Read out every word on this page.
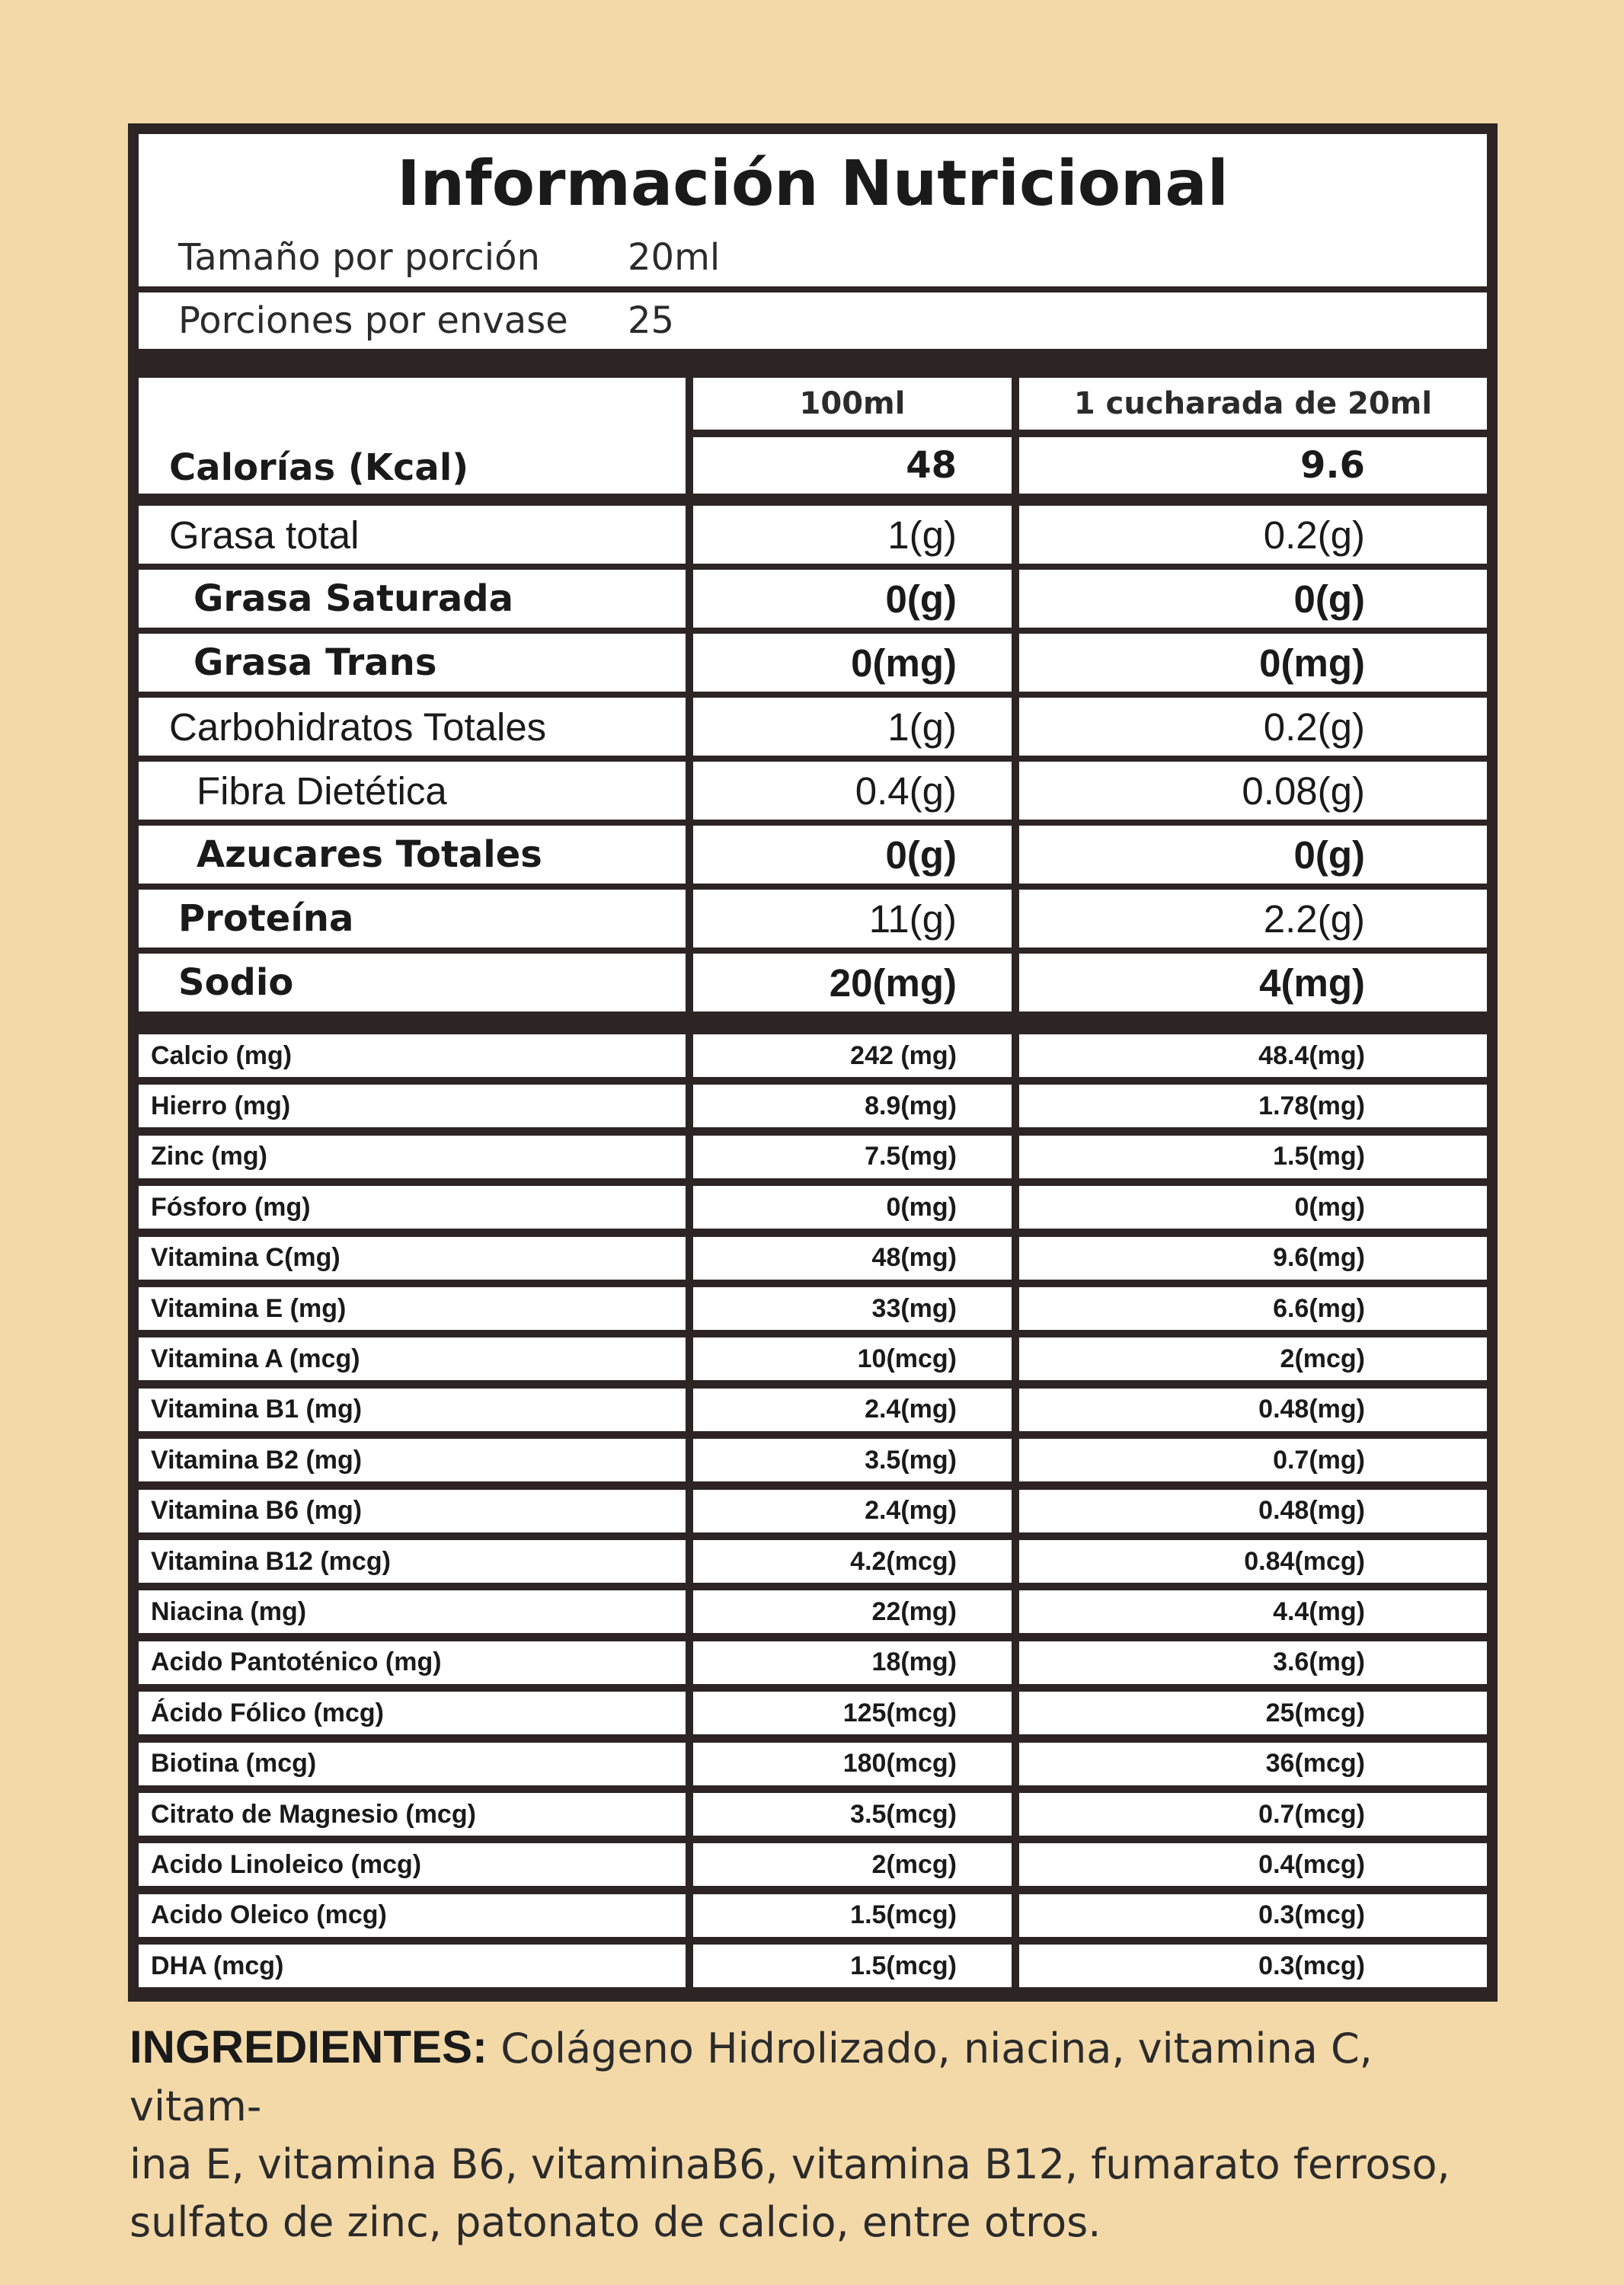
Información Nutricional
Tamaño por porción 20ml
Porciones por envase 25
100ml	1 cucharada de 20ml
Calorías (Kcal)	48	9.6
Grasa total	1(g)	0.2(g)
Grasa Saturada	0(g)	0(g)
Grasa Trans	0(mg)	0(mg)
Carbohidratos Totales	1(g)	0.2(g)
Fibra Dietética	0.4(g)	0.08(g)
Azucares Totales	0(g)	0(g)
Proteína	11(g)	2.2(g)
Sodio	20(mg)	4(mg)
Calcio (mg)	242 (mg)	48.4(mg)
Hierro (mg)	8.9(mg)	1.78(mg)
Zinc (mg)	7.5(mg)	1.5(mg)
Fósforo (mg)	0(mg)	0(mg)
Vitamina C(mg)	48(mg)	9.6(mg)
Vitamina E (mg)	33(mg)	6.6(mg)
Vitamina A (mcg)	10(mcg)	2(mcg)
Vitamina B1 (mg)	2.4(mg)	0.48(mg)
Vitamina B2 (mg)	3.5(mg)	0.7(mg)
Vitamina B6 (mg)	2.4(mg)	0.48(mg)
Vitamina B12 (mcg)	4.2(mcg)	0.84(mcg)
Niacina (mg)	22(mg)	4.4(mg)
Acido Pantoténico (mg)	18(mg)	3.6(mg)
Ácido Fólico (mcg)	125(mcg)	25(mcg)
Biotina (mcg)	180(mcg)	36(mcg)
Citrato de Magnesio (mcg)	3.5(mcg)	0.7(mcg)
Acido Linoleico (mcg)	2(mcg)	0.4(mcg)
Acido Oleico (mcg)	1.5(mcg)	0.3(mcg)
DHA (mcg)	1.5(mcg)	0.3(mcg)
INGREDIENTES: Colágeno Hidrolizado, niacina, vitamina C, vitam-
ina E, vitamina B6, vitaminaB6, vitamina B12, fumarato ferroso,
sulfato de zinc, patonato de calcio, entre otros.
